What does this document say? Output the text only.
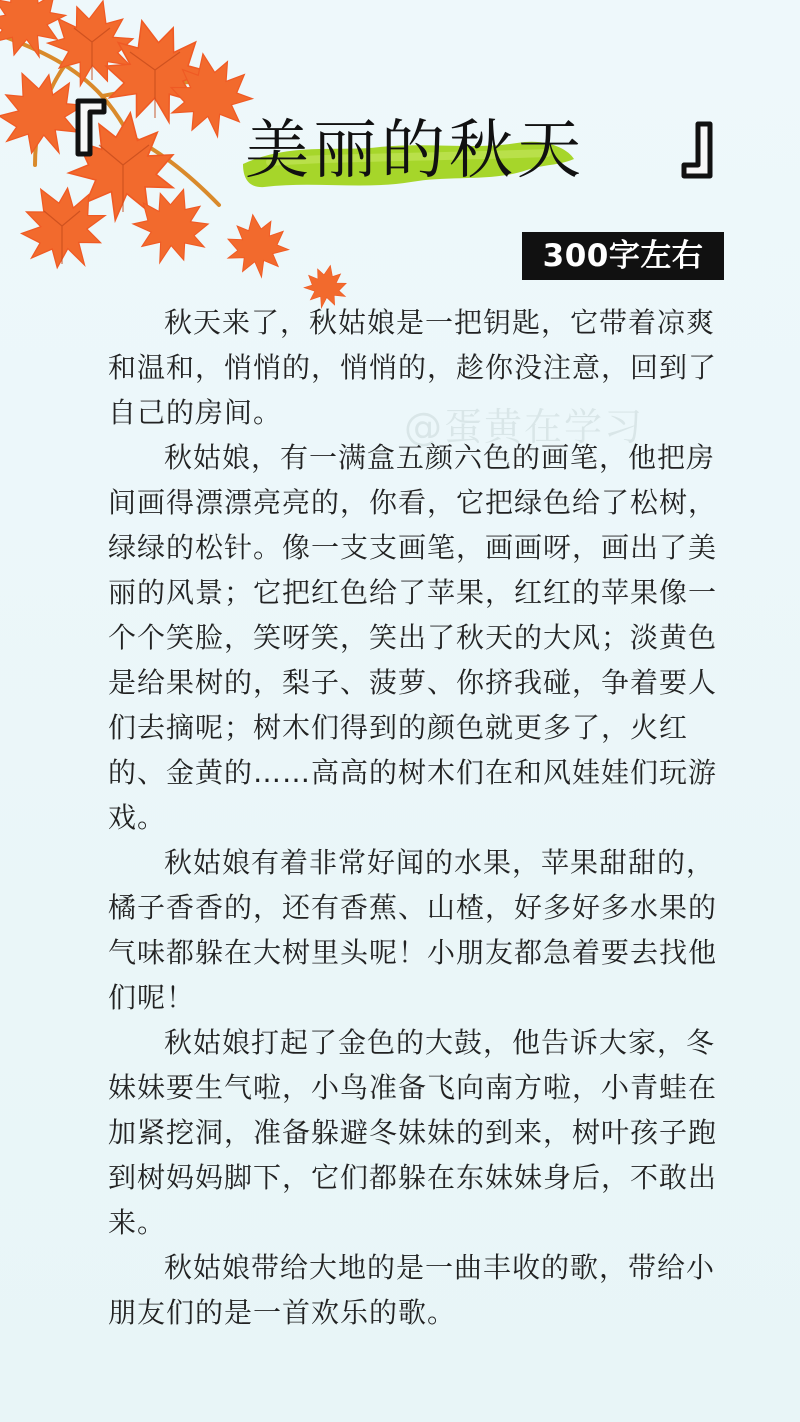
美丽的秋天
300字左右
@蛋黄在学习

秋天来了，秋姑娘是一把钥匙，它带着凉爽和温和，悄悄的，悄悄的，趁你没注意，回到了自己的房间。

秋姑娘，有一满盒五颜六色的画笔，他把房间画得漂漂亮亮的，你看，它把绿色给了松树，绿绿的松针。像一支支画笔，画画呀，画出了美丽的风景；它把红色给了苹果，红红的苹果像一个个笑脸，笑呀笑，笑出了秋天的大风；淡黄色是给果树的，梨子、菠萝、你挤我碰，争着要人们去摘呢；树木们得到的颜色就更多了，火红的、金黄的……高高的树木们在和风娃娃们玩游戏。

秋姑娘有着非常好闻的水果，苹果甜甜的，橘子香香的，还有香蕉、山楂，好多好多水果的气味都躲在大树里头呢！小朋友都急着要去找他们呢！

秋姑娘打起了金色的大鼓，他告诉大家，冬妹妹要生气啦，小鸟准备飞向南方啦，小青蛙在加紧挖洞，准备躲避冬妹妹的到来，树叶孩子跑到树妈妈脚下，它们都躲在东妹妹身后，不敢出来。

秋姑娘带给大地的是一曲丰收的歌，带给小朋友们的是一首欢乐的歌。
